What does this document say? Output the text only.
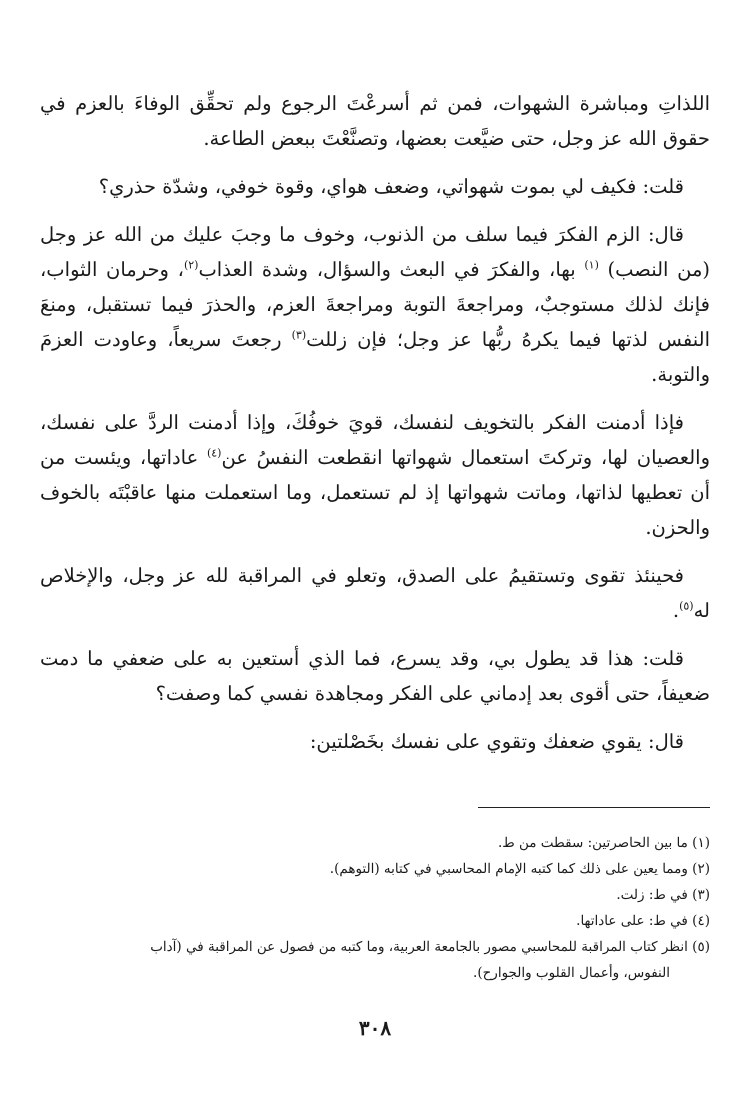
اللذاتِ ومباشرة الشهوات، فمن ثم أسرعْتَ الرجوع ولم تحقِّق الوفاءَ بالعزم في حقوق الله عز وجل، حتى ضيَّعت بعضها، وتصنَّعْتَ ببعض الطاعة.

قلت: فكيف لي بموت شهواتي، وضعف هواي، وقوة خوفي، وشدّة حذري؟

قال: الزم الفكرَ فيما سلف من الذنوب، وخوف ما وجبَ عليك من الله عز وجل (من النصب) $^{(١)}$ بها، والفكرَ في البعث والسؤال، وشدة العذاب$^{(٢)}$، وحرمان الثواب، فإنك لذلك مستوجبٌ، ومراجعةَ التوبة ومراجعةَ العزم، والحذرَ فيما تستقبل، ومنعَ النفس لذتها فيما يكرهُ ربُّها عز وجل؛ فإن زللت$^{(٣)}$ رجعتَ سريعاً، وعاودت العزمَ والتوبة.

فإذا أدمنت الفكر بالتخويف لنفسك، قويَ خوفُكَ، وإذا أدمنت الردَّ على نفسك، والعصيان لها، وتركتَ استعمال شهواتها انقطعت النفسُ عن$^{(٤)}$ عاداتها، ويئست من أن تعطيها لذاتها، وماتت شهواتها إذ لم تستعمل، وما استعملت منها عاقبْتَه بالخوف والحزن.

فحينئذ تقوى وتستقيمُ على الصدق، وتعلو في المراقبة لله عز وجل، والإخلاص له$^{(٥)}$.

قلت: هذا قد يطول بي، وقد يسرع، فما الذي أستعين به على ضعفي ما دمت ضعيفاً، حتى أقوى بعد إدماني على الفكر ومجاهدة نفسي كما وصفت؟

قال: يقوي ضعفك وتقوي على نفسك بخَصْلتين:

(١) ما بين الحاصرتين: سقطت من ط.

(٢) ومما يعين على ذلك كما كتبه الإمام المحاسبي في كتابه (التوهم).

(٣) في ط: زلت.

(٤) في ط: على عاداتها.

(٥) انظر كتاب المراقبة للمحاسبي مصور بالجامعة العربية، وما كتبه من فصول عن المراقبة في (آداب
النفوس، وأعمال القلوب والجوارح).

٣٠٨
